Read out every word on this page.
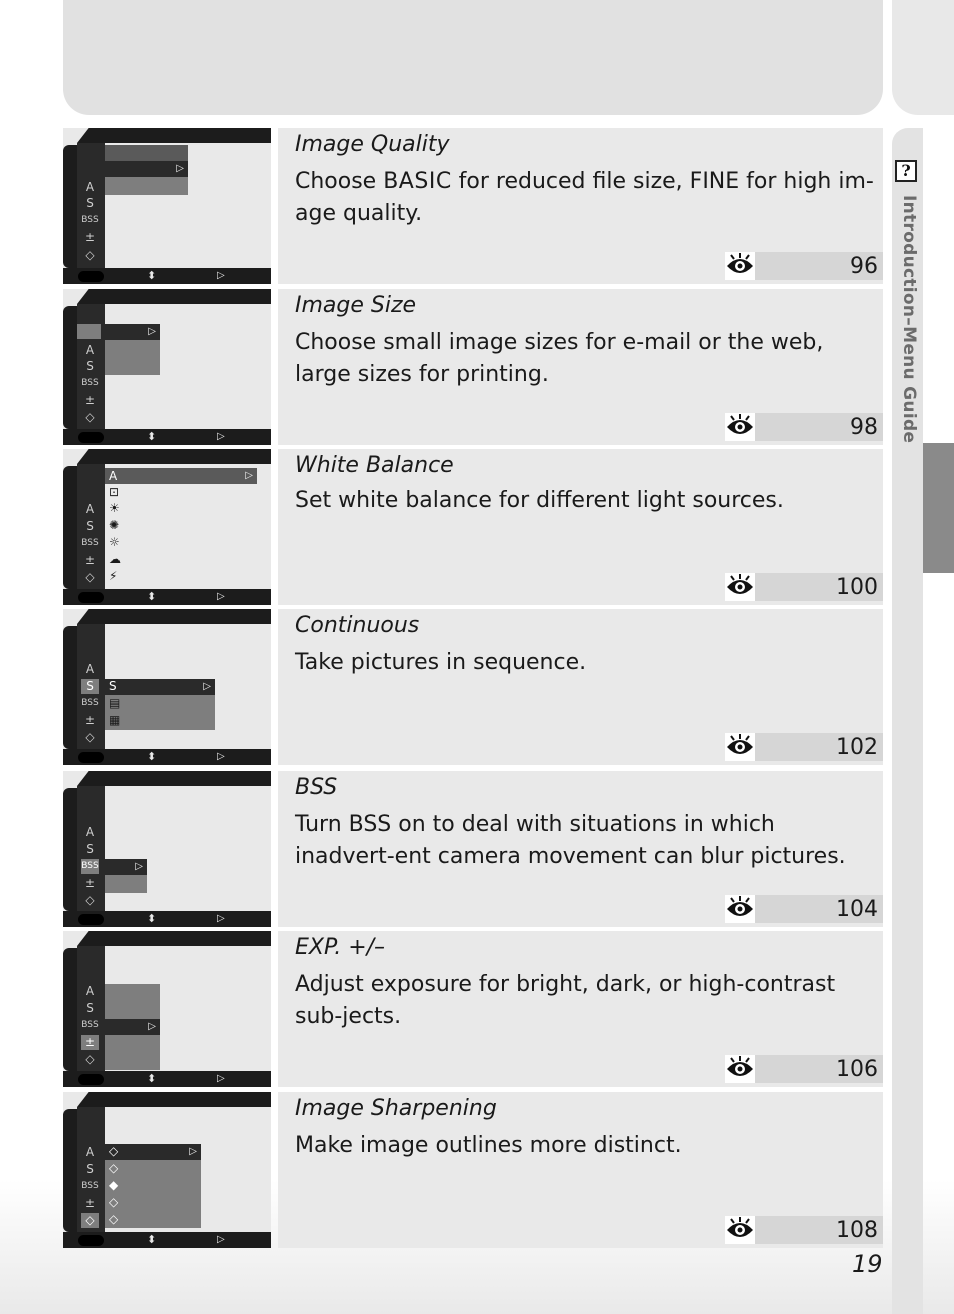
?
Introduction–Menu Guide
▷
A
S
BSS
±
◇
⬍	▷
Image Quality
Choose BASIC for reduced file size, FINE for high im-age quality.
96
▷
A
S
BSS
±
◇
⬍	▷
Image Size
Choose small image sizes for e-mail or the web, large sizes for printing.
98
▷
A
⊡
☀
✺
☼
☁
⚡
A
S
BSS
±
◇
⬍	▷
White Balance
Set white balance for different light sources.
100
▷
S
▤
▦
A
S
BSS
±
◇
⬍	▷
Continuous
Take pictures in sequence.
102
▷
A
S
BSS
±
◇
⬍	▷
BSS
Turn BSS on to deal with situations in which inadvert-ent camera movement can blur pictures.
104
▷
A
S
BSS
±
◇
⬍	▷
EXP. +/–
Adjust exposure for bright, dark, or high-contrast sub-jects.
106
▷
◇
◇
◆
◇
◇
A
S
BSS
±
◇
⬍	▷
Image Sharpening
Make image outlines more distinct.
108
19
